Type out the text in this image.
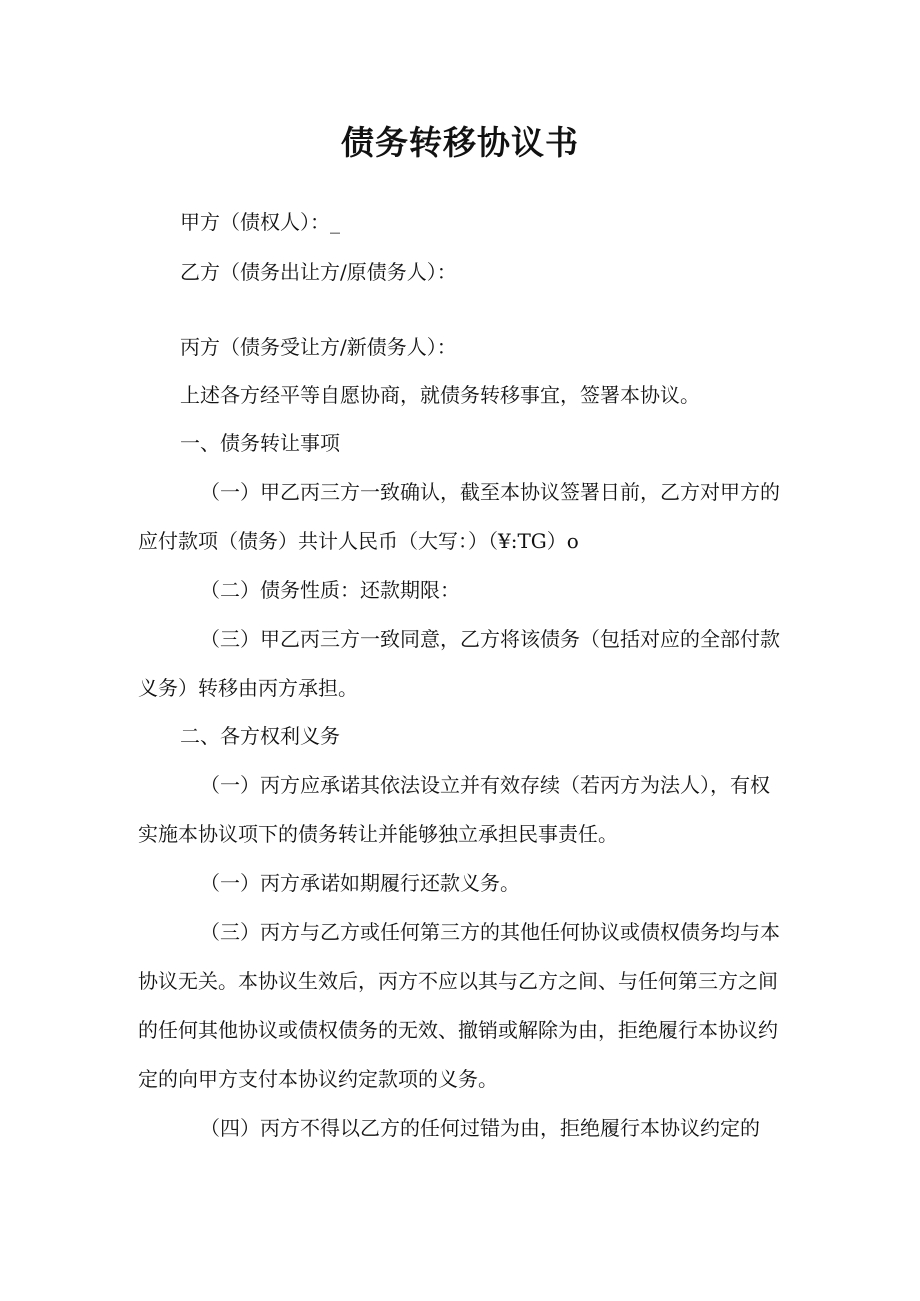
债务转移协议书
甲方（债权人）：_
乙方（债务出让方/原债务人）：
丙方（债务受让方/新债务人）：
上述各方经平等自愿协商，就债务转移事宜，签署本协议。
一、债务转让事项
（一）甲乙丙三方一致确认，截至本协议签署日前，乙方对甲方的
应付款项（债务）共计人民币（大写：）（¥:TG）o
（二）债务性质：还款期限：
（三）甲乙丙三方一致同意，乙方将该债务（包括对应的全部付款
义务）转移由丙方承担。
二、各方权利义务
（一）丙方应承诺其依法设立并有效存续（若丙方为法人），有权
实施本协议项下的债务转让并能够独立承担民事责任。
（一）丙方承诺如期履行还款义务。
（三）丙方与乙方或任何第三方的其他任何协议或债权债务均与本
协议无关。本协议生效后，丙方不应以其与乙方之间、与任何第三方之间
的任何其他协议或债权债务的无效、撤销或解除为由，拒绝履行本协议约
定的向甲方支付本协议约定款项的义务。
（四）丙方不得以乙方的任何过错为由，拒绝履行本协议约定的
